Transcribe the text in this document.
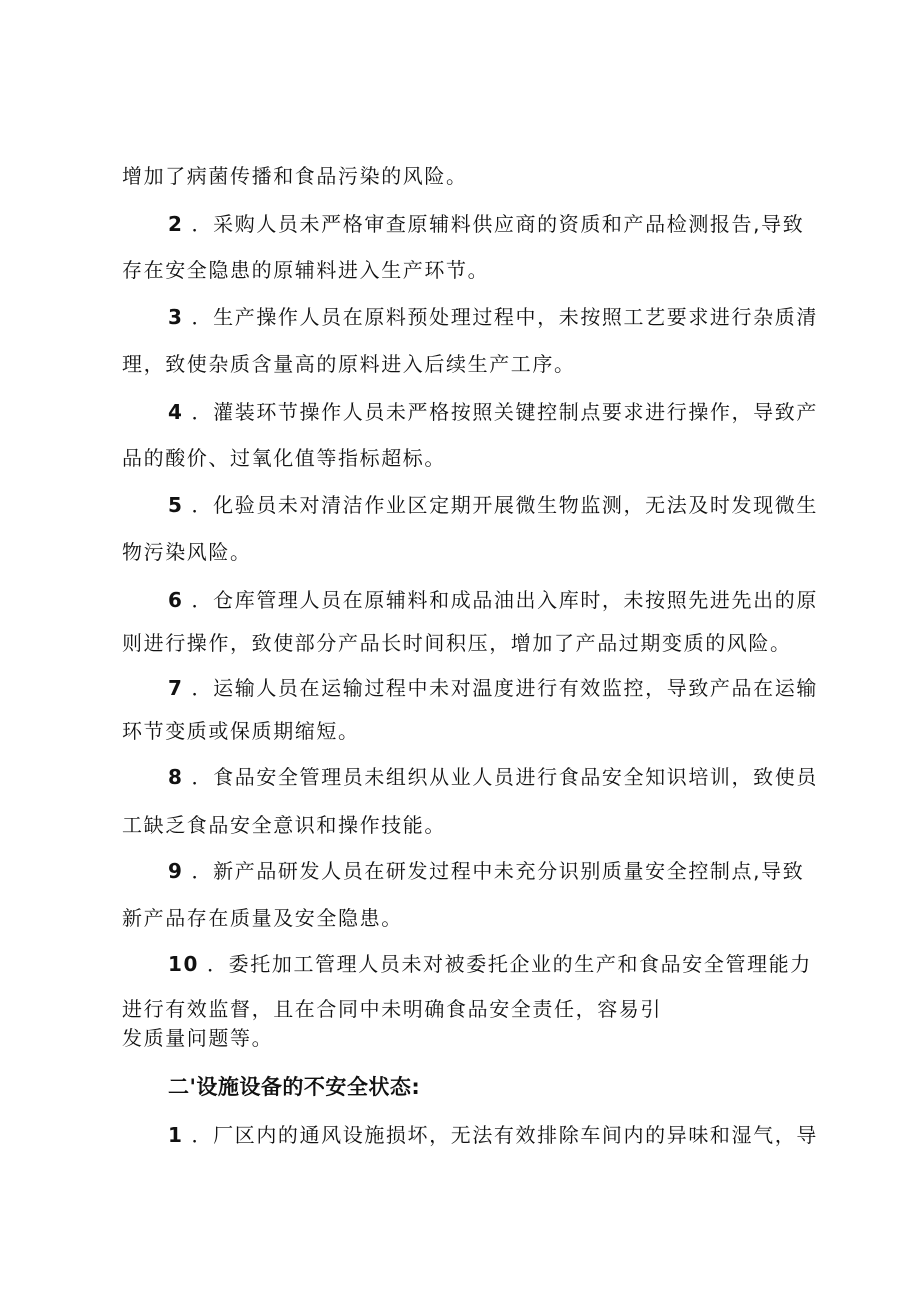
增加了病菌传播和食品污染的风险。
2 ．采购人员未严格审查原辅料供应商的资质和产品检测报告,导致
存在安全隐患的原辅料进入生产环节。
3 ．生产操作人员在原料预处理过程中，未按照工艺要求进行杂质清
理，致使杂质含量高的原料进入后续生产工序。
4 ．灌装环节操作人员未严格按照关键控制点要求进行操作，导致产
品的酸价、过氧化值等指标超标。
5 ．化验员未对清洁作业区定期开展微生物监测，无法及时发现微生
物污染风险。
6 ．仓库管理人员在原辅料和成品油出入库时，未按照先进先出的原
则进行操作，致使部分产品长时间积压，增加了产品过期变质的风险。
7 ．运输人员在运输过程中未对温度进行有效监控，导致产品在运输
环节变质或保质期缩短。
8 ．食品安全管理员未组织从业人员进行食品安全知识培训，致使员
工缺乏食品安全意识和操作技能。
9 ．新产品研发人员在研发过程中未充分识别质量安全控制点,导致
新产品存在质量及安全隐患。
10 ．委托加工管理人员未对被委托企业的生产和食品安全管理能力
进行有效监督，且在合同中未明确食品安全责任，容易引
发质量问题等。
二'设施设备的不安全状态:
1 ．厂区内的通风设施损坏，无法有效排除车间内的异味和湿气，导
